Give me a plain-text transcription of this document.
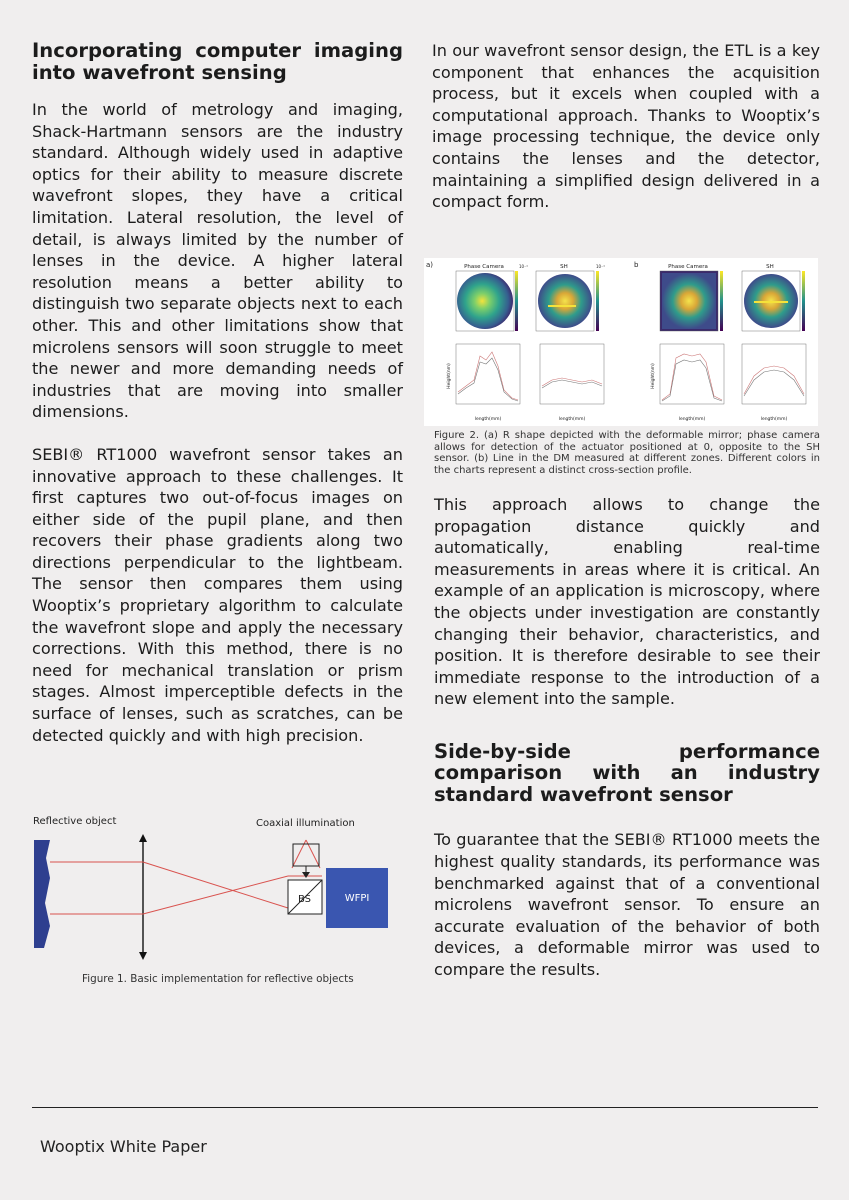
Incorporating computer imaging
into wavefront sensing

In the world of metrology and imaging, Shack-Hartmann sensors are the industry standard. Although widely used in adaptive optics for their ability to measure discrete wavefront slopes, they have a critical limitation. Lateral resolution, the level of detail, is always limited by the number of lenses in the device. A higher lateral resolution means a better ability to distinguish two separate objects next to each other. This and other limitations show that microlens sensors will soon struggle to meet the newer and more demanding needs of industries that are moving into smaller dimensions.

SEBI® RT1000 wavefront sensor takes an innovative approach to these challenges. It first captures two out-of-focus images on either side of the pupil plane, and then recovers their phase gradients along two directions perpendicular to the lightbeam. The sensor then compares them using Wooptix’s proprietary algorithm to calculate the wavefront slope and apply the necessary corrections. With this method, there is no need for mechanical translation or prism stages. Almost imperceptible defects in the surface of lenses, such as scratches, can be detected quickly and with high precision.

Reflective object	Coaxial illumination
BS	WFPI
Figure 1. Basic implementation for reflective objects

In our wavefront sensor design, the ETL is a key component that enhances the acquisition process, but it excels when coupled with a computational approach. Thanks to Wooptix’s image processing technique, the device only contains the lenses and the detector, maintaining a simplified design delivered in a compact form.

a)	b
Phase Camera	10⁻¹	SH	10⁻¹
length(mm)	length(mm)
Height(nm)
Phase Camera	SH
length(mm)	length(mm)
Height(nm)
Figure 2. (a) R shape depicted with the deformable mirror; phase camera allows for detection of the actuator positioned at 0, opposite to the SH sensor. (b) Line in the DM measured at different zones. Different colors in the charts represent a distinct cross-section profile.

This approach allows to change the propagation distance quickly and automatically, enabling real-time measurements in areas where it is critical. An example of an application is microscopy, where the objects under investigation are constantly changing their behavior, characteristics, and position. It is therefore desirable to see their immediate response to the introduction of a new element into the sample.

Side-by-side performance
comparison with an industry
standard wavefront sensor

To guarantee that the SEBI® RT1000 meets the highest quality standards, its performance was benchmarked against that of a conventional microlens wavefront sensor. To ensure an accurate evaluation of the behavior of both devices, a deformable mirror was used to compare the results.

Wooptix White Paper
